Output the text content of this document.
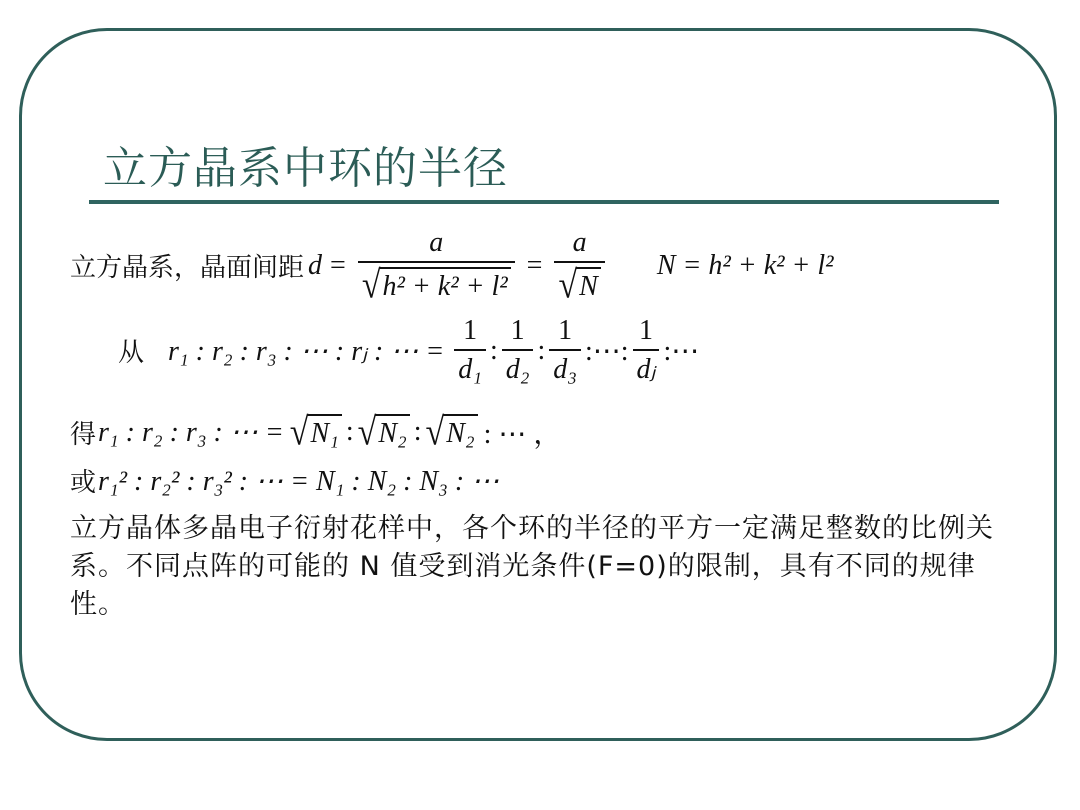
立方晶系中环的半径
立方晶系，晶面间距 $d = \frac{a}{\text{√ h² + k² + l²}} = \frac{a}{√ N}$ N = h² + k² + l²
从 r₁ : r₂ : r₃ : ⋯ : rⱼ : ⋯ = $\frac{1}{\text{d₁}}$ : $\frac{1}{\text{d₂}}$ : $\frac{1}{\text{d₃}}$ :⋯: $\frac{1}{\text{dⱼ}}$ :⋯
得 r₁ : r₂ : r₃ : ⋯ = √ N₁ : √ N₂ : √ N₂ : ⋯ ，
或 r₁² : r₂² : r₃² : ⋯ = N₁ : N₂ : N₃ : ⋯
立方晶体多晶电子衍射花样中，各个环的半径的平方一定满足整数的比例关系。不同点阵的可能的 N 值受到消光条件(F=0)的限制，具有不同的规律性。
